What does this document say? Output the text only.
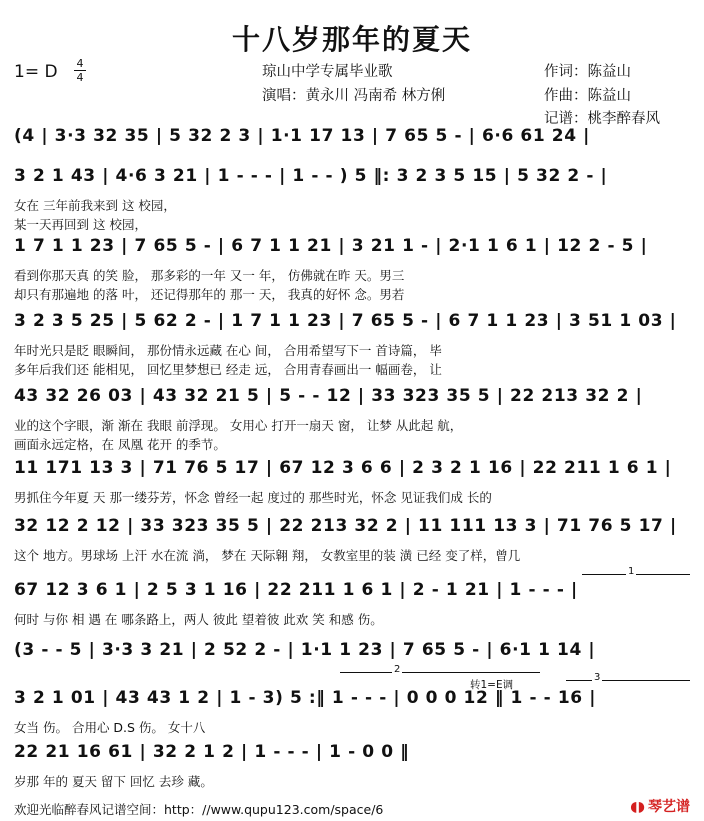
十八岁那年的夏天
1= D 4
4	琼山中学专属毕业歌
演唱：黄永川 冯南希 林方俐
作词：陈益山
作曲：陈益山
记谱：桃李醉春风
(4 | 3·3 32 35 | 5 32 2 3 | 1·1 17 13 | 7 65 5 - | 6·6 61 24 |
3 2 1 43 | 4·6 3 21 | 1 - - - | 1 - - ) 5 ‖: 3 2 3 5 15 | 5 32 2 - |
女在 三年前我来到 这 校园，
某一天再回到 这 校园，
1 7 1 1 23 | 7 65 5 - | 6 7 1 1 21 | 3 21 1 - | 2·1 1 6 1 | 12 2 - 5 |
看到你那天真 的笑 脸， 那多彩的一年 又一 年， 仿佛就在昨 天。男三
却只有那遍地 的落 叶， 还记得那年的 那一 天， 我真的好怀 念。男若
3 2 3 5 25 | 5 62 2 - | 1 7 1 1 23 | 7 65 5 - | 6 7 1 1 23 | 3 51 1 03 |
年时光只是眨 眼瞬间， 那份情永远藏 在心 间， 合用希望写下一 首诗篇， 毕
多年后我们还 能相见， 回忆里梦想已 经走 远， 合用青春画出一 幅画卷， 让
43 32 26 03 | 43 32 21 5 | 5 - - 12 | 33 323 35 5 | 22 213 32 2 |
业的这个字眼，渐 渐在 我眼 前浮现。 女用心 打开一扇天 窗， 让梦 从此起 航，
画面永远定格，在 凤凰 花开 的季节。
11 171 13 3 | 71 76 5 17 | 67 12 3 6 6 | 2 3 2 1 16 | 22 211 1 6 1 |
男抓住今年夏 天 那一缕芬芳，怀念 曾经一起 度过的 那些时光，怀念 见证我们成 长的
32 12 2 12 | 33 323 35 5 | 22 213 32 2 | 11 111 13 3 | 71 76 5 17 |
这个 地方。男球场 上汗 水在流 淌， 梦在 天际翱 翔， 女教室里的装 潢 已经 变了样，曾几
67 12 3 6 1 | 2 5 3 1 16 | 22 211 1 6 1 | 2 - 1 21 | 1 - - - |
何时 与你 相 遇 在 哪条路上，两人 彼此 望着彼 此欢 笑 和感 伤。
(3 - - 5 | 3·3 3 21 | 2 52 2 - | 1·1 1 23 | 7 65 5 - | 6·1 1 14 |
3 2 1 01 | 43 43 1 2 | 1 - 3) 5 :‖ 1 - - - | 0 0 0 12 ‖ 1 - - 16 |
女当 伤。 合用心 D.S 伤。 女十八
22 21 16 61 | 32 2 1 2 | 1 - - - | 1 - 0 0 ‖
岁那 年的 夏天 留下 回忆 去珍 藏。
1
2
3
转1=E调
欢迎光临醉春风记谱空间：http：//www.qupu123.com/space/6	◖◗ 琴艺谱
